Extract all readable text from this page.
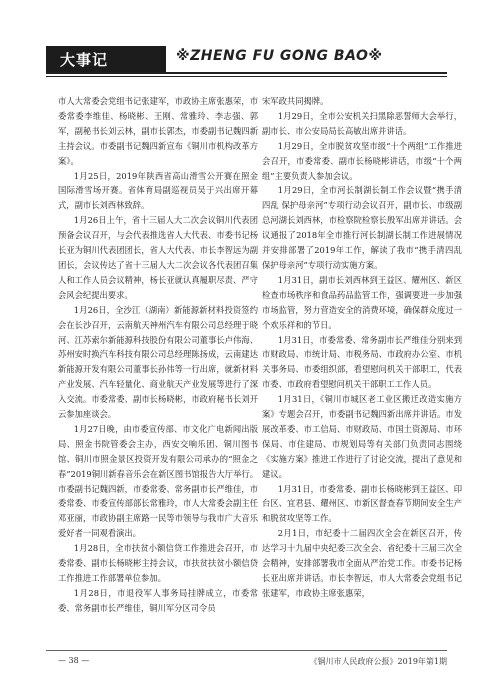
大事记	※ZHENG FU GONG BAO※

市人大常委会党组书记张建军，市政协主席张惠荣，市委常委李维佳、杨晓彬、王刚、常雅玲、李志强、郭军，副秘书长刘云林，副市长郭杰，市委副书记魏四新主持会议。市委副书记魏四新宣布《铜川市机构改革方案》。

1月25日，2019年陕西省高山滑雪公开赛在照金国际滑雪场开赛。省体育局副巡视员吴于兴出席开幕式，副市长刘西林致辞。

1月26日上午，省十三届人大二次会议铜川代表团预备会议召开，与会代表推选省人大代表、市委书记杨长亚为铜川代表团团长，省人大代表、市长李智远为副团长，会议传达了省十三届人大二次会议各代表团召集人和工作人员会议精神，杨长亚就认真履职尽责、严守会风会纪提出要求。

1月26日，全沙江（湖南）新能源新材料投资签约会在长沙召开，云南航天神州汽车有限公司总经理于晓河、江苏索尔新能源科技股份有限公司董事长卢伟海、苏州安时换汽车科技有限公司总经理陈扬成，云南建达新能源开发有限公司董事长孙伟等一行出席，就新材料产业发展、汽车轻量化、商业航天产业发展等进行了深入交流。市委常委、副市长杨晓彬，市政府秘书长刘开云参加座谈会。

1月27日晚，由市委宣传部、市文化广电新闻出版局、照金书院管委会主办，西安交响乐团、铜川图书馆、铜川市照金景区投资开发有限公司承办的“照金之春”2019铜川新春音乐会在新区图书馆报告大厅举行。市委副书记魏四新，市委常委、常务副市长严维佳，市委常委、市委宣传部部长常雅玲，市人大常委会副主任邓亚丽，市政协副主席路一民等市领导与我市广大音乐爱好者一同观看演出。

1月28日，全市扶贫小额信贷工作推进会召开，市委常委、副市长杨晓彬主持会议，市扶贫扶贫小额信贷工作推进工作部署单位参加。

1月28日，市退役军人事务局挂牌成立，市委常委、常务副市长严维佳，铜川军分区司令员

宋军政共同揭牌。

1月29日，全市公安机关扫黑除恶誓师大会举行，副市长、市公安局局长高敏出席并讲话。

1月29日，全市脱贫攻坚市级“十个两组”工作推进会召开，市委常委、副市长杨晓彬讲话，市级“十个两组”主要负责人参加会议。

1月29日，全市河长制湖长制工作会议暨“携手清四乱 保护母亲河”专项行动会议召开，副市长、市级副总河湖长刘西林，市检察院检察长殷军出席并讲话。会议通报了2018年全市推行河长制湖长制工作进展情况并安排部署了2019年工作，解读了我市“携手清四乱 保护母亲河”专项行动实施方案。

1月31日，副市长刘西林到王益区、耀州区、新区检查市场秩序和食品药品监管工作，强调要进一步加强市场监管，努力营造安全的消费环境，确保群众度过一个欢乐祥和的节日。

1月31日，市委常委、常务副市长严维佳分别来到市财政局、市统计局、市税务局、市政府办公室、市机关事务局、市委组织部，看望慰问机关干部职工，代表市委、市政府看望慰问机关干部职工工作人员。

1月31日，《铜川市城区老工业区搬迁改造实施方案》专题会召开，市委副书记魏四新出席并讲话。市发展改革委、市工信局、市财政局、市国土资源局、市环保局、市住建局、市规划局等有关部门负责同志围绕《实施方案》推进工作进行了讨论交流，提出了意见和建议。

1月31日，市委常委、副市长杨晓彬到王益区、印台区、宜君县、耀州区、市新区督查春节期间安全生产和脱贫攻坚等工作。

2月1日，市纪委十二届四次全会在新区召开，传达学习十九届中央纪委三次全会、省纪委十三届三次全会精神，安排部署我市全面从严治党工作。市委书记杨长亚出席并讲话。市长李智远，市人大常委会党组书记张建军，市政协主席张惠荣，

— 38 —	《铜川市人民政府公报》2019年第1期
